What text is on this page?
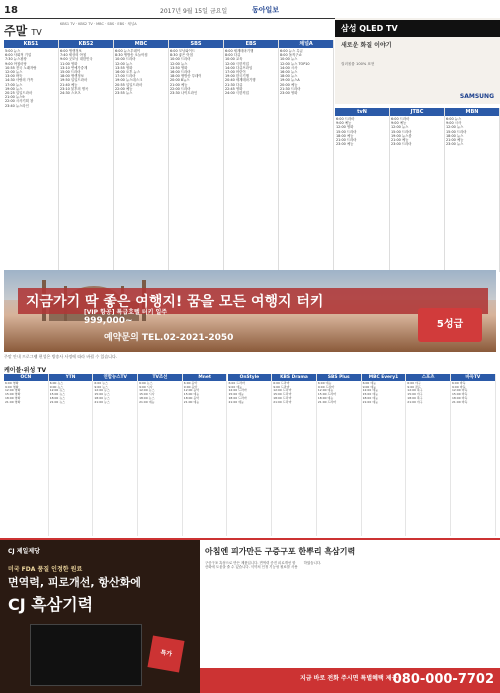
18	2017년 9월 15일 금요일	동아일보
주말 TV
KBS1 TV · KBS2 TV · MBC · SBS · EBS · 채널A
KBS1
5:00 뉴스
6:00 사회적 기업
7:30 뉴스광장
9:00 아침마당
10:55 전국 노래자랑
12:00 뉴스
13:00 바둑
14:30 사랑의 가족
17:00 뉴스
19:00 뉴스
20:25 일일드라마
21:00 뉴스9
22:00 시사기획 창
23:40 뉴스라인
KBS2
6:00 생생정보
7:40 세상의 아침
9:00 굿모닝 대한민국
11:00 영화
13:10 연예가중계
15:00 드라마
18:00 생생정보
19:50 일일드라마
21:40 예능
23:10 불후의 명곡
24:30 스포츠
MBC
6:00 뉴스투데이
8:30 생방송 오늘아침
10:00 드라마
12:00 뉴스
13:55 영화
16:00 오후 뉴스
17:00 드라마
19:00 뉴스데스크
20:55 일일드라마
22:00 예능
23:55 뉴스
SBS
6:00 모닝와이드
8:30 좋은 아침
10:00 드라마
12:00 뉴스
13:50 영화
16:00 드라마
18:00 생방송 투데이
20:00 8뉴스
21:00 예능
22:00 드라마
23:30 나이트라인
EBS
6:00 세계테마기행
8:00 다큐
10:00 교육
12:00 극한직업
14:00 다큐프라임
17:00 어린이
19:00 한국기행
20:40 세계테마기행
21:30 다큐
22:45 영화
24:00 극한직업
채널A
6:00 뉴스 특급
8:00 돌직구쇼
10:00 뉴스
12:00 뉴스 TOP10
14:00 시사
16:00 뉴스
18:00 뉴스
19:00 뉴스A
20:00 예능
21:30 드라마
23:00 영화
삼성 QLED TV
새로운 화질 이야기
컬러볼륨 100% 표현
SAMSUNG
tvN
6:00 드라마
9:00 예능
12:00 영화
15:00 드라마
18:00 예능
21:00 드라마
23:00 예능
JTBC
6:00 드라마
9:00 예능
12:00 뉴스
15:00 드라마
19:00 뉴스룸
21:00 예능
23:00 드라마
MBN
6:00 뉴스
9:00 시사
12:00 뉴스
15:00 드라마
18:00 뉴스
21:00 예능
23:00 뉴스
지금가기 딱 좋은 여행지! 꿈을 모든 여행지 터키
[VIP 항공] 특급호텔 터키 일주
999,000~
예약문의 TEL.02-2021-2050
5성급
주말 안내 프로그램 편성은 방송사 사정에 따라 바뀔 수 있습니다.
케이블·위성 TV
OCN
6:00 영화
9:00 영화
12:00 영화
15:00 영화
18:00 영화
21:00 영화
YTN
6:00 뉴스
9:00 뉴스
12:00 뉴스
15:00 뉴스
18:00 뉴스
21:00 뉴스
연합뉴스TV
6:00 뉴스
9:00 뉴스
12:00 뉴스
15:00 뉴스
18:00 뉴스
21:00 뉴스
TV조선
6:00 뉴스
9:00 시사
12:00 뉴스
15:00 시사
18:00 뉴스
21:00 예능
Mnet
6:00 음악
9:00 음악
12:00 음악
15:00 예능
18:00 음악
21:00 예능
OnStyle
6:00 드라마
9:00 예능
12:00 드라마
15:00 예능
18:00 드라마
21:00 예능
KBS Drama
6:00 드라마
9:00 드라마
12:00 드라마
15:00 드라마
18:00 드라마
21:00 드라마
SBS Plus
6:00 예능
9:00 드라마
12:00 예능
15:00 드라마
18:00 예능
21:00 드라마
MBC Every1
6:00 예능
9:00 예능
12:00 예능
15:00 예능
18:00 예능
21:00 예능
스포츠
6:00 야구
9:00 골프
12:00 축구
15:00 야구
18:00 축구
21:00 야구
바둑TV
6:00 바둑
9:00 바둑
12:00 바둑
15:00 바둑
18:00 바둑
21:00 바둑
CJ 제일제당
미국 FDA 품질 인정한 원료
면역력, 피로개선, 항산화에
CJ 흑삼기력
특가
아침엔 피가만든 구증구포 한뿌리 흑삼기력
구증구포 흑삼으로 만든 제품입니다. 면역력 증진 피로개선 항산화에 도움을 줄 수 있습니다. 식약처 인정 기능성 원료를 사용하였습니다.
지금 바로 전화 주시면 특별혜택 제공
080-000-7702
